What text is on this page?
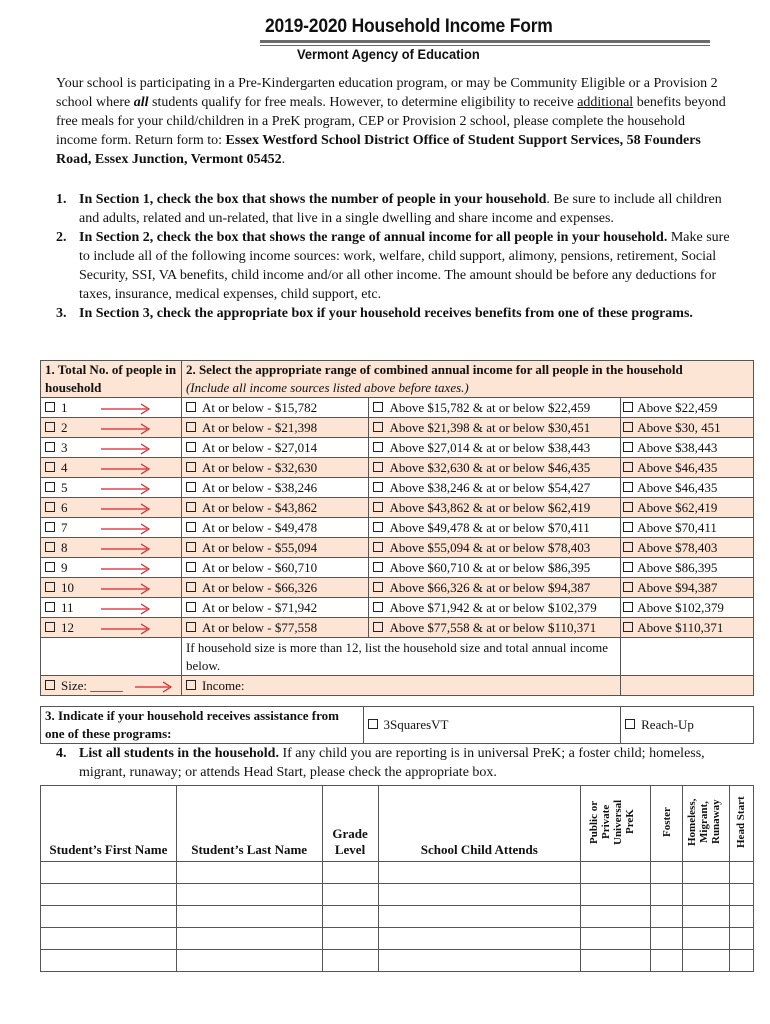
2019-2020 Household Income Form
Vermont Agency of Education
Your school is participating in a Pre-Kindergarten education program, or may be Community Eligible or a Provision 2 school where all students qualify for free meals. However, to determine eligibility to receive additional benefits beyond free meals for your child/children in a PreK program, CEP or Provision 2 school, please complete the household income form. Return form to: Essex Westford School District Office of Student Support Services, 58 Founders Road, Essex Junction, Vermont 05452.
1. In Section 1, check the box that shows the number of people in your household. Be sure to include all children and adults, related and un-related, that live in a single dwelling and share income and expenses.
2. In Section 2, check the box that shows the range of annual income for all people in your household. Make sure to include all of the following income sources: work, welfare, child support, alimony, pensions, retirement, Social Security, SSI, VA benefits, child income and/or all other income. The amount should be before any deductions for taxes, insurance, medical expenses, child support, etc.
3. In Section 3, check the appropriate box if your household receives benefits from one of these programs.
1. Total No. of people in household	2. Select the appropriate range of combined annual income for all people in the household
(Include all income sources listed above before taxes.)		
1	At or below - $15,782	Above $15,782 & at or below $22,459	Above $22,459
2	At or below - $21,398	Above $21,398 & at or below $30,451	Above $30, 451
3	At or below - $27,014	Above $27,014 & at or below $38,443	Above $38,443
4	At or below - $32,630	Above $32,630 & at or below $46,435	Above $46,435
5	At or below - $38,246	Above $38,246 & at or below $54,427	Above $46,435
6	At or below - $43,862	Above $43,862 & at or below $62,419	Above $62,419
7	At or below - $49,478	Above $49,478 & at or below $70,411	Above $70,411
8	At or below - $55,094	Above $55,094 & at or below $78,403	Above $78,403
9	At or below - $60,710	Above $60,710 & at or below $86,395	Above $86,395
10	At or below - $66,326	Above $66,326 & at or below $94,387	Above $94,387
11	At or below - $71,942	Above $71,942 & at or below $102,379	Above $102,379
12	At or below - $77,558	Above $77,558 & at or below $110,371	Above $110,371
	If household size is more than 12, list the household size and total annual income below.		
Size: _____	Income:		
3. Indicate if your household receives assistance from one of these programs:	3SquaresVT	Reach-Up
4. List all students in the household. If any child you are reporting is in universal PreK; a foster child; homeless, migrant, runaway; or attends Head Start, please check the appropriate box.
Student’s First Name	Student’s Last Name	Grade Level	School Child Attends	Public or Private Universal PreK	Foster	Homeless, Migrant, Runaway	Head Start
